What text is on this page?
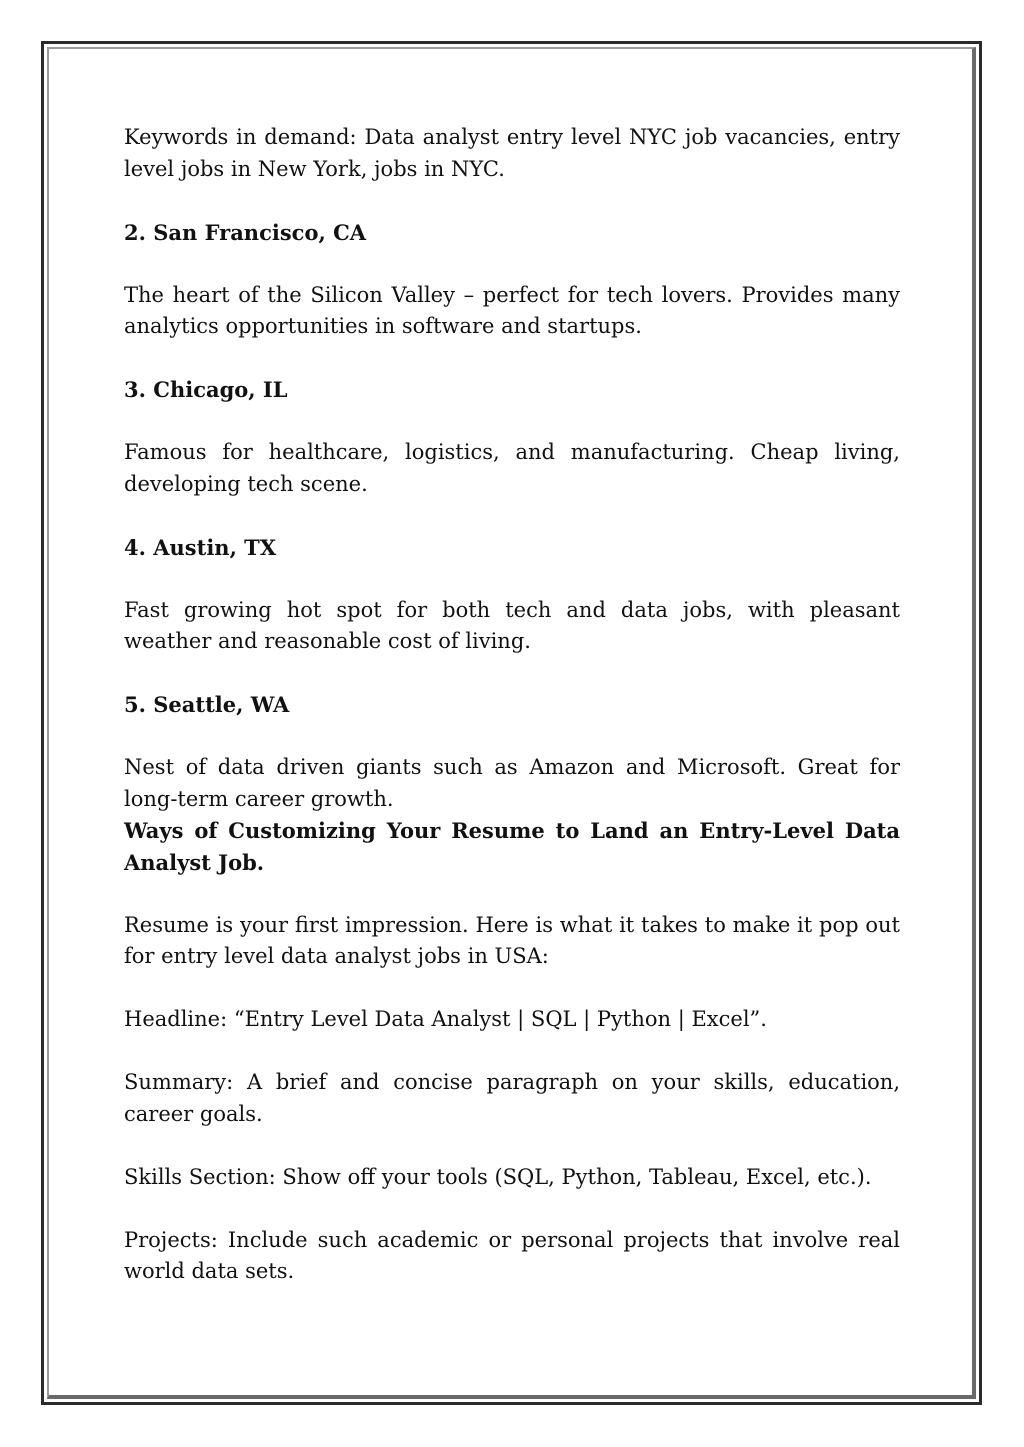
Keywords in demand: Data analyst entry level NYC job vacancies, entry level jobs in New York, jobs in NYC.

2. San Francisco, CA

The heart of the Silicon Valley – perfect for tech lovers. Provides many analytics opportunities in software and startups.

3. Chicago, IL

Famous for healthcare, logistics, and manufacturing. Cheap living, developing tech scene.

4. Austin, TX

Fast growing hot spot for both tech and data jobs, with pleasant weather and reasonable cost of living.

5. Seattle, WA

Nest of data driven giants such as Amazon and Microsoft. Great for long-term career growth.

Ways of Customizing Your Resume to Land an Entry-Level Data Analyst Job.

Resume is your first impression. Here is what it takes to make it pop out for entry level data analyst jobs in USA:

Headline: “Entry Level Data Analyst | SQL | Python | Excel”.

Summary: A brief and concise paragraph on your skills, education, career goals.

Skills Section: Show off your tools (SQL, Python, Tableau, Excel, etc.).

Projects: Include such academic or personal projects that involve real world data sets.
